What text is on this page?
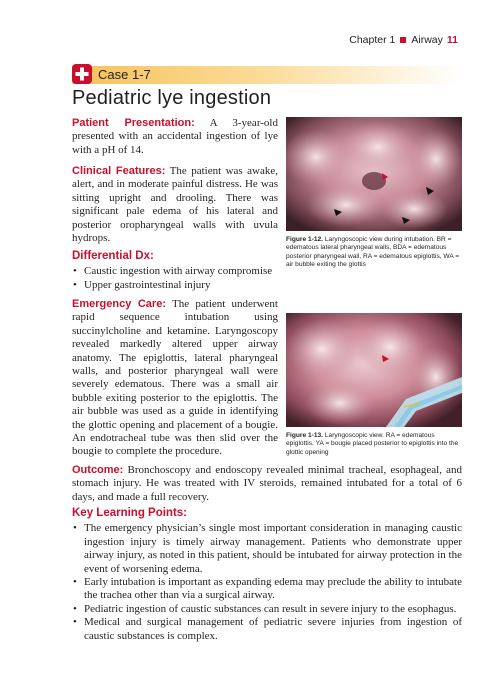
Chapter 1 Airway 11
Case 1-7
Pediatric lye ingestion
Patient Presentation: A 3-year-old presented with an accidental ingestion of lye with a pH of 14.
Clinical Features: The patient was awake, alert, and in moderate painful distress. He was sitting upright and drooling. There was significant pale edema of his lateral and posterior oropharyngeal walls with uvula hydrops.
Differential Dx:
• Caustic ingestion with airway compromise
• Upper gastrointestinal injury
Emergency Care: The patient underwent rapid sequence intubation using succinylcholine and ketamine. Laryngoscopy revealed markedly altered upper airway anatomy. The epiglottis, lateral pharyngeal walls, and posterior pharyngeal wall were severely edematous. There was a small air bubble exiting posterior to the epiglottis. The air bubble was used as a guide in identifying the glottic opening and placement of a bougie. An endotracheal tube was then slid over the bougie to complete the procedure.
Figure 1-12. Laryngoscopic view during intubation. BR = edematous lateral pharyngeal walls, BDA = edematous posterior pharyngeal wall, RA = edematous epiglottis, WA = air bubble exiting the glottis
Figure 1-13. Laryngoscopic view. RA = edematous epiglottis, YA = bougie placed posterior to epiglottis into the glottic opening
Outcome: Bronchoscopy and endoscopy revealed minimal tracheal, esophageal, and stomach injury. He was treated with IV steroids, remained intubated for a total of 6 days, and made a full recovery.
Key Learning Points:
• The emergency physician’s single most important consideration in managing caustic ingestion injury is timely airway management. Patients who demonstrate upper airway injury, as noted in this patient, should be intubated for airway protection in the event of worsening edema.
• Early intubation is important as expanding edema may preclude the ability to intubate the trachea other than via a surgical airway.
• Pediatric ingestion of caustic substances can result in severe injury to the esophagus.
• Medical and surgical management of pediatric severe injuries from ingestion of caustic substances is complex.
